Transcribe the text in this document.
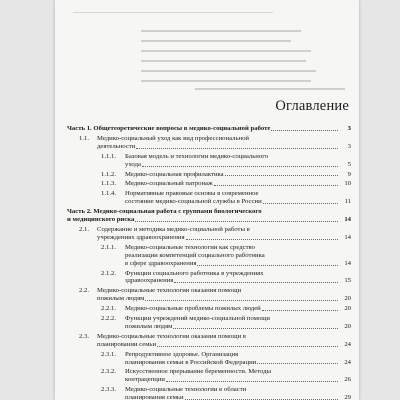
Оглавление
Часть 1. Общетеоретические вопросы в медико-социальной работе	3
1.1.	Медико-социальный уход как вид профессиональной
деятельности	3
1.1.1.	Базовая модель и технологии медико-социального
ухода	5
1.1.2.	Медико-социальная профилактика	9
1.1.3.	Медико-социальный патронаж	10
1.1.4.	Нормативные правовые основы в современное
состояние медико-социальной службы в России	11
Часть 2. Медико-социальная работа с группами биологического
и медицинского риска	14
2.1.	Содержание и методика медико-социальной работы в
учреждениях здравоохранения	14
2.1.1.	Медико-социальные технологии как средство
реализации компетенций социального работника
в сфере здравоохранения	14
2.1.2.	Функции социального работника в учреждениях
здравоохранения	15
2.2.	Медико-социальные технологии оказания помощи
пожилым людям	20
2.2.1.	Медико-социальные проблемы пожилых людей	20
2.2.2.	Функции учреждений медико-социальной помощи
пожилым людям	20
2.3.	Медико-социальные технологии оказания помощи в
планировании семьи	24
2.3.1.	Репродуктивное здоровье. Организация
планирования семьи в Российской Федерации	24
2.3.2.	Искусственное прерывание беременности. Методы
контрацепции	26
2.3.3.	Медико-социальные технологии в области
планирования семьи	29
